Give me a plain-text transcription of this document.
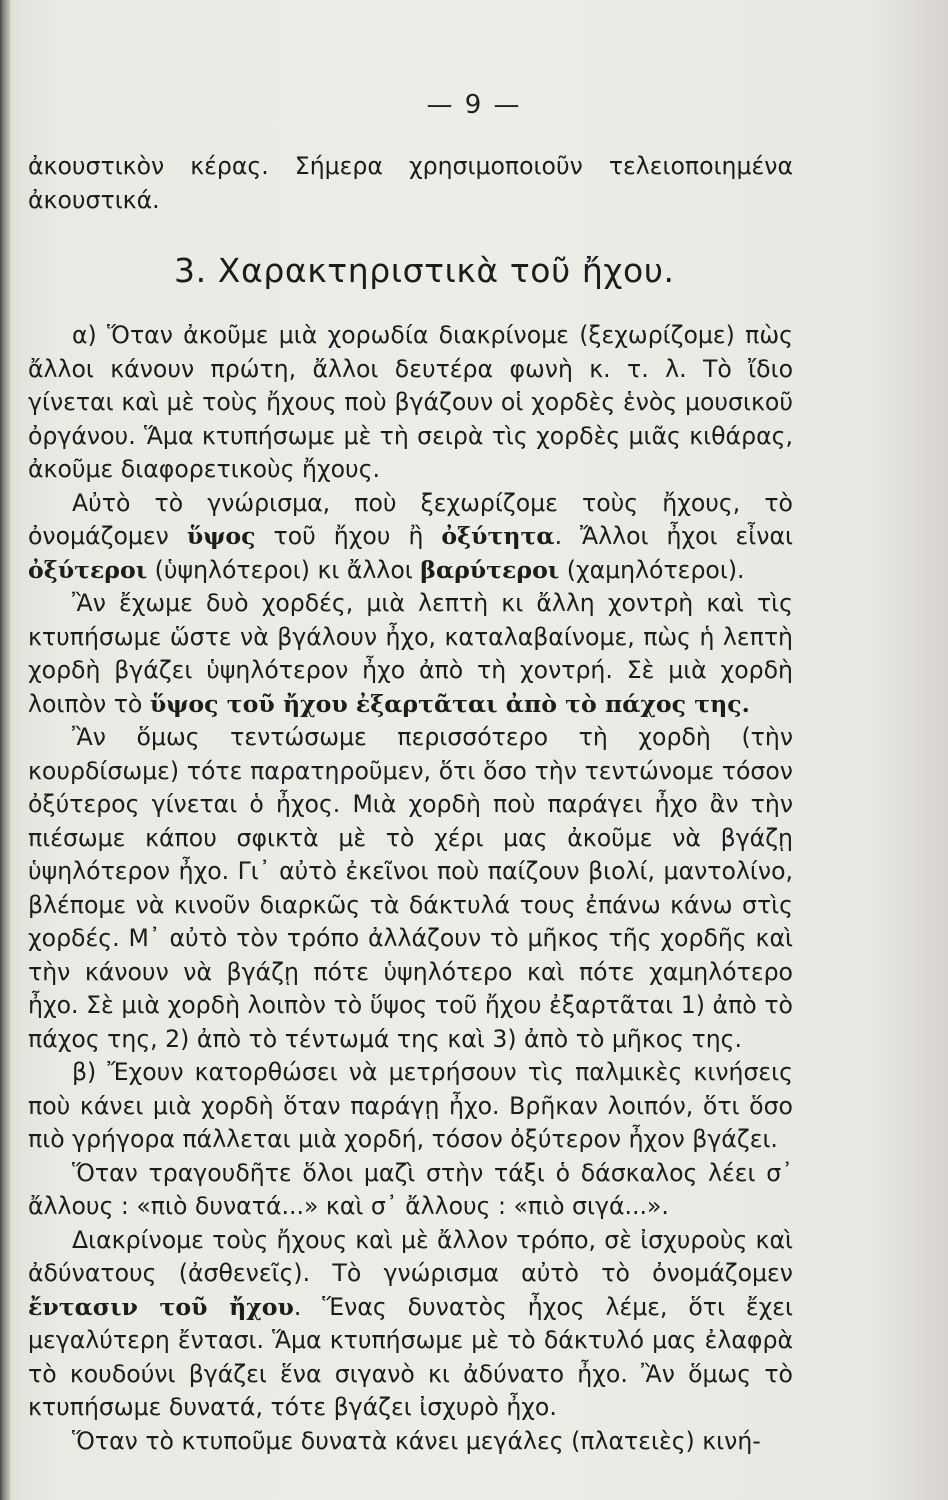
— 9 —

ἀκουστικὸν κέρας. Σήμερα χρησιμοποιοῦν τελειοποιημένα ἀκουστικά.

3. Χαρακτηριστικὰ τοῦ ἤχου.

α) Ὅταν ἀκοῦμε μιὰ χορωδία διακρίνομε (ξεχωρίζομε) πὼς ἄλλοι κάνουν πρώτη, ἄλλοι δευτέρα φωνὴ κ. τ. λ. Τὸ ἴδιο γίνεται καὶ μὲ τοὺς ἤχους ποὺ βγάζουν οἱ χορδὲς ἑνὸς μουσικοῦ ὀργάνου. Ἅμα κτυπήσωμε μὲ τὴ σειρὰ τὶς χορδὲς μιᾶς κιθάρας, ἀκοῦμε διαφορετικοὺς ἤχους.

Αὐτὸ τὸ γνώρισμα, ποὺ ξεχωρίζομε τοὺς ἤχους, τὸ ὀνομάζομεν ὕψος τοῦ ἤχου ἢ ὀξύτητα. Ἄλλοι ἦχοι εἶναι ὀξύτεροι (ὑψηλότεροι) κι ἄλλοι βαρύτεροι (χαμηλότεροι).

Ἂν ἔχωμε δυὸ χορδές, μιὰ λεπτὴ κι ἄλλη χοντρὴ καὶ τὶς κτυπήσωμε ὥστε νὰ βγάλουν ἦχο, καταλαβαίνομε, πὼς ἡ λεπτὴ χορδὴ βγάζει ὑψηλότερον ἦχο ἀπὸ τὴ χοντρή. Σὲ μιὰ χορδὴ λοιπὸν τὸ ὕψος τοῦ ἤχου ἐξαρτᾶται ἀπὸ τὸ πάχος της.

Ἂν ὅμως τεντώσωμε περισσότερο τὴ χορδὴ (τὴν κουρδίσωμε) τότε παρατηροῦμεν, ὅτι ὅσο τὴν τεντώνομε τόσον ὀξύτερος γίνεται ὁ ἦχος. Μιὰ χορδὴ ποὺ παράγει ἦχο ἂν τὴν πιέσωμε κάπου σφικτὰ μὲ τὸ χέρι μας ἀκοῦμε νὰ βγάζῃ ὑψηλότερον ἦχο. Γι᾽ αὐτὸ ἐκεῖνοι ποὺ παίζουν βιολί, μαντολίνο, βλέπομε νὰ κινοῦν διαρκῶς τὰ δάκτυλά τους ἐπάνω κάνω στὶς χορδές. Μ᾽ αὐτὸ τὸν τρόπο ἀλλάζουν τὸ μῆκος τῆς χορδῆς καὶ τὴν κάνουν νὰ βγάζῃ πότε ὑψηλότερο καὶ πότε χαμηλότερο ἦχο. Σὲ μιὰ χορδὴ λοιπὸν τὸ ὕψος τοῦ ἤχου ἐξαρτᾶται 1) ἀπὸ τὸ πάχος της, 2) ἀπὸ τὸ τέντωμά της καὶ 3) ἀπὸ τὸ μῆκος της.

β) Ἔχουν κατορθώσει νὰ μετρήσουν τὶς παλμικὲς κινήσεις ποὺ κάνει μιὰ χορδὴ ὅταν παράγῃ ἦχο. Βρῆκαν λοιπόν, ὅτι ὅσο πιὸ γρήγορα πάλλεται μιὰ χορδή, τόσον ὀξύτερον ἦχον βγάζει.

Ὅταν τραγουδῆτε ὅλοι μαζὶ στὴν τάξι ὁ δάσκαλος λέει σ᾽ ἄλλους : «πιὸ δυνατά...» καὶ σ᾽ ἄλλους : «πιὸ σιγά...».

Διακρίνομε τοὺς ἤχους καὶ μὲ ἄλλον τρόπο, σὲ ἰσχυροὺς καὶ ἀδύνατους (ἀσθενεῖς). Τὸ γνώρισμα αὐτὸ τὸ ὀνομάζομεν ἔντασιν τοῦ ἤχου. Ἕνας δυνατὸς ἦχος λέμε, ὅτι ἔχει μεγαλύτερη ἔντασι. Ἅμα κτυπήσωμε μὲ τὸ δάκτυλό μας ἐλαφρὰ τὸ κουδούνι βγάζει ἕνα σιγανὸ κι ἀδύνατο ἦχο. Ἂν ὅμως τὸ κτυπήσωμε δυνατά, τότε βγάζει ἰσχυρὸ ἦχο.

Ὅταν τὸ κτυποῦμε δυνατὰ κάνει μεγάλες (πλατειὲς) κινή-
